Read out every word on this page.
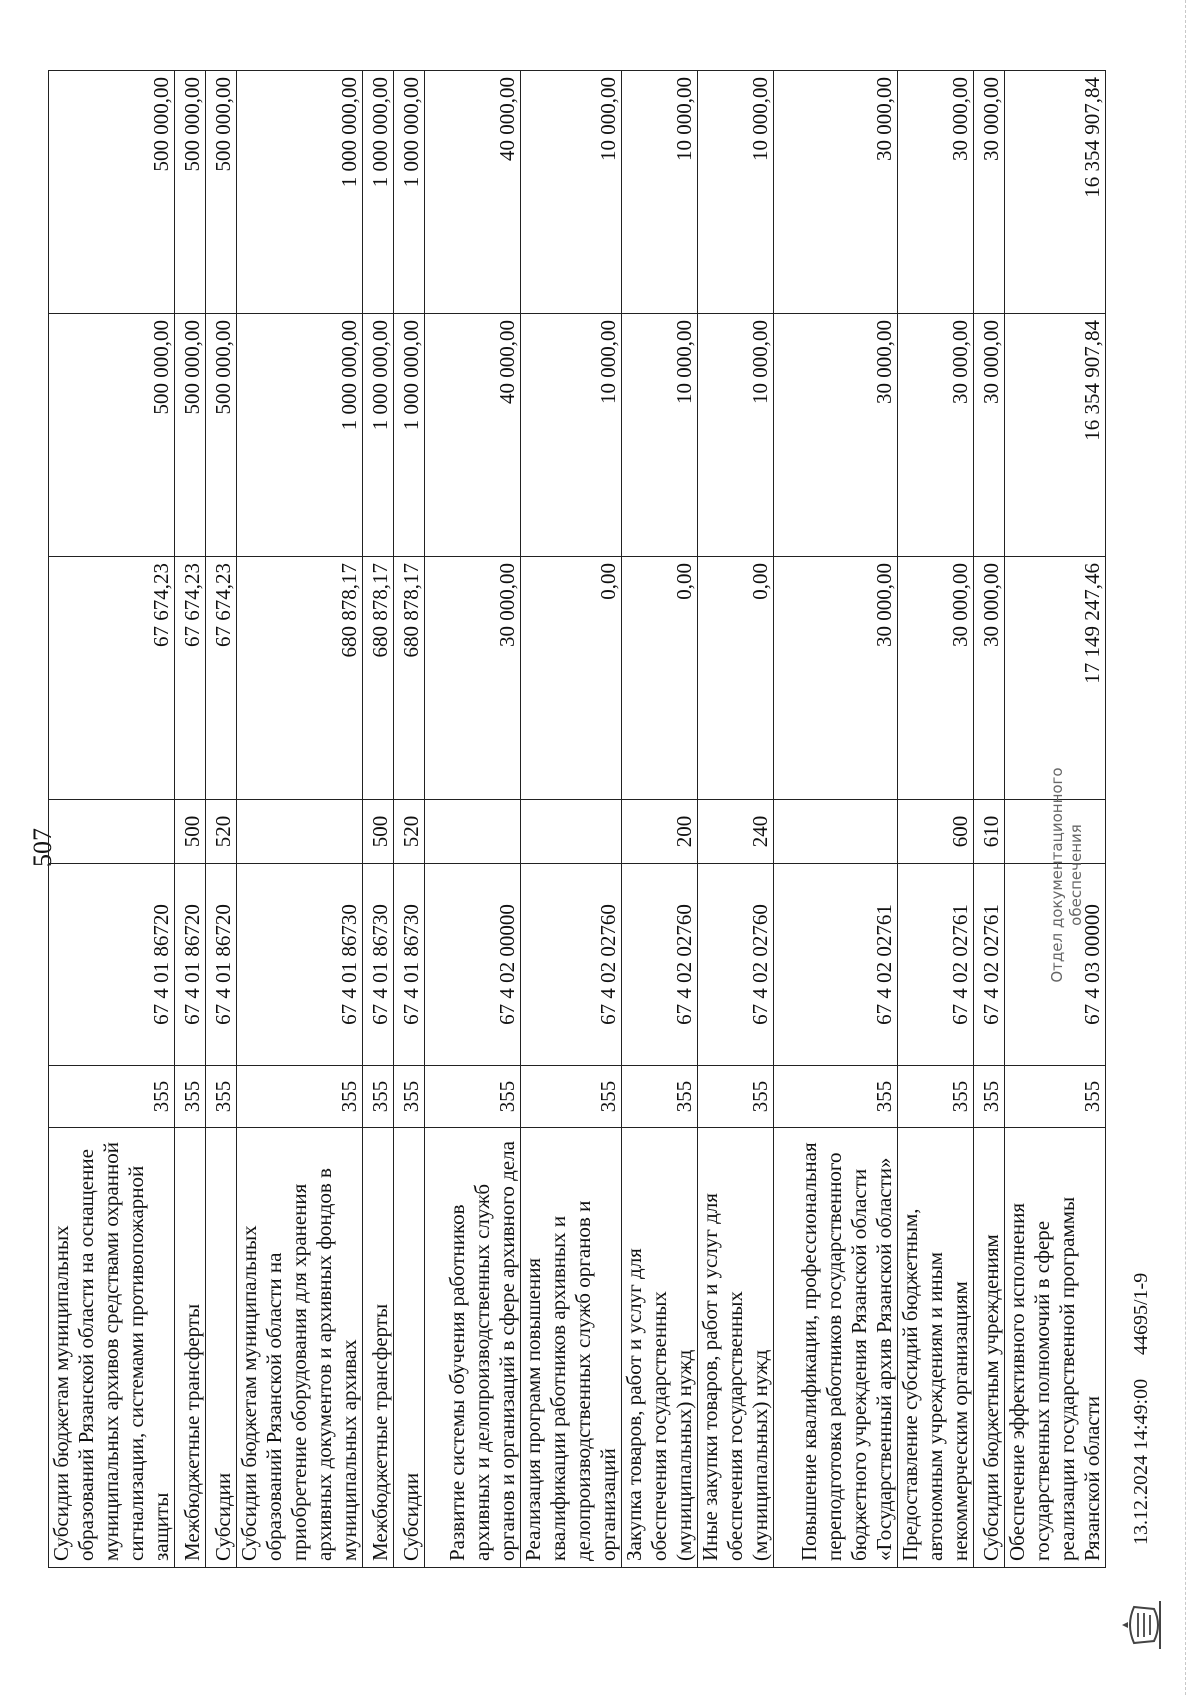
507
Субсидии бюджетам муниципальных образований Рязанской области на оснащение муниципальных архивов средствами охранной сигнализации, системами противопожарной защиты	355	67 4 01 86720		67 674,23	500 000,00	500 000,00
Межбюджетные трансферты	355	67 4 01 86720	500	67 674,23	500 000,00	500 000,00
Субсидии	355	67 4 01 86720	520	67 674,23	500 000,00	500 000,00
Субсидии бюджетам муниципальных образований Рязанской области на приобретение оборудования для хранения архивных документов и архивных фондов в муниципальных архивах	355	67 4 01 86730		680 878,17	1 000 000,00	1 000 000,00
Межбюджетные трансферты	355	67 4 01 86730	500	680 878,17	1 000 000,00	1 000 000,00
Субсидии	355	67 4 01 86730	520	680 878,17	1 000 000,00	1 000 000,00
Развитие системы обучения работников архивных и делопроизводственных служб органов и организаций в сфере архивного дела	355	67 4 02 00000		30 000,00	40 000,00	40 000,00
Реализация программ повышения квалификации работников архивных и делопроизводственных служб органов и организаций	355	67 4 02 02760		0,00	10 000,00	10 000,00
Закупка товаров, работ и услуг для обеспечения государственных (муниципальных) нужд	355	67 4 02 02760	200	0,00	10 000,00	10 000,00
Иные закупки товаров, работ и услуг для обеспечения государственных (муниципальных) нужд	355	67 4 02 02760	240	0,00	10 000,00	10 000,00
Повышение квалификации, профессиональная переподготовка работников государственного бюджетного учреждения Рязанской области «Государственный архив Рязанской области»	355	67 4 02 02761		30 000,00	30 000,00	30 000,00
Предоставление субсидий бюджетным, автономным учреждениям и иным некоммерческим организациям	355	67 4 02 02761	600	30 000,00	30 000,00	30 000,00
Субсидии бюджетным учреждениям	355	67 4 02 02761	610	30 000,00	30 000,00	30 000,00
Обеспечение эффективного исполнения государственных полномочий в сфере реализации государственной программы Рязанской области	355	67 4 03 00000		17 149 247,46	16 354 907,84	16 354 907,84
13.12.2024 14:49:00
44695/1-9
Отдел документационного обеспечения
